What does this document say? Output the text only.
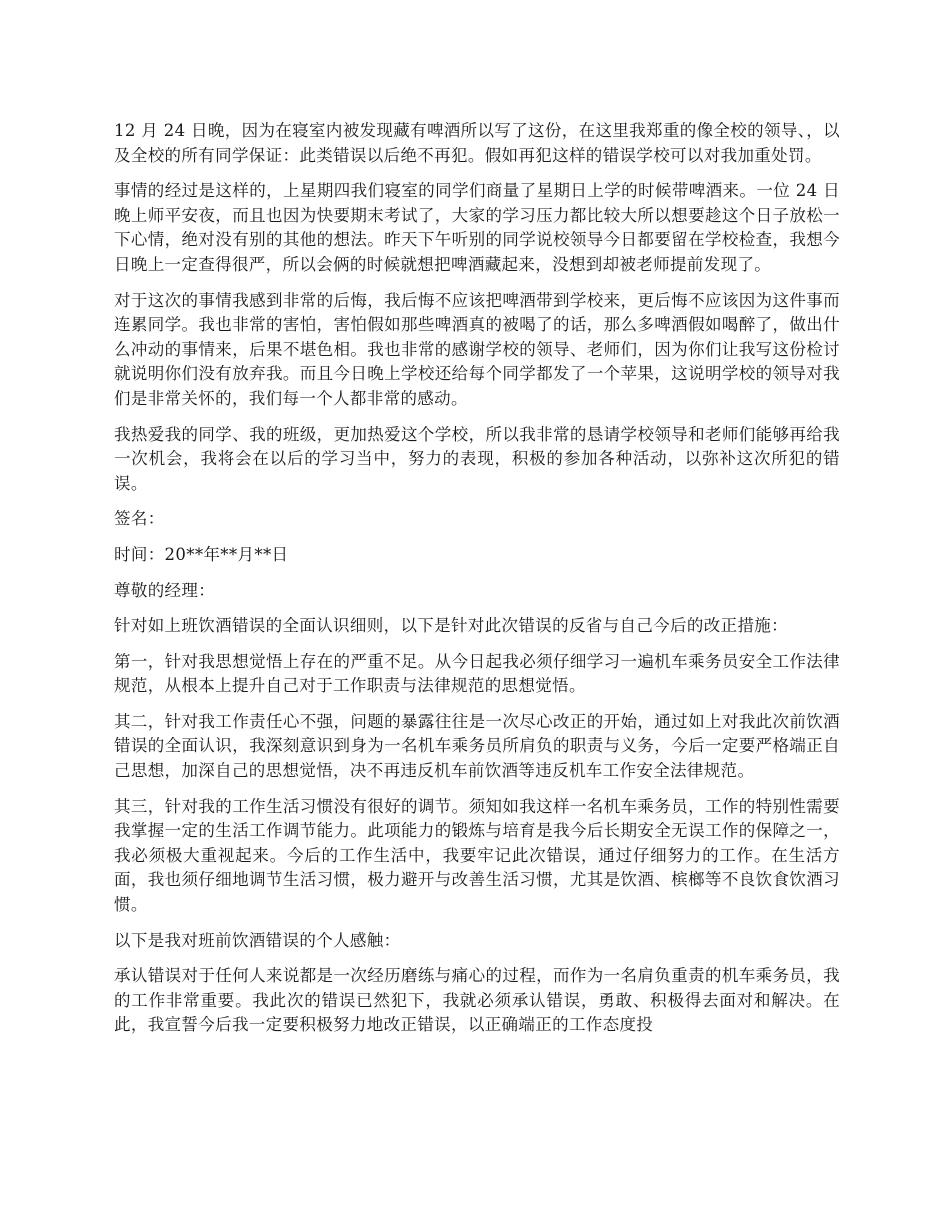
12 月 24 日晚，因为在寝室内被发现藏有啤酒所以写了这份，在这里我郑重的像全校的领导、，以及全校的所有同学保证：此类错误以后绝不再犯。假如再犯这样的错误学校可以对我加重处罚。

事情的经过是这样的，上星期四我们寝室的同学们商量了星期日上学的时候带啤酒来。一位 24 日晚上师平安夜，而且也因为快要期末考试了，大家的学习压力都比较大所以想要趁这个日子放松一下心情，绝对没有别的其他的想法。昨天下午听别的同学说校领导今日都要留在学校检查，我想今日晚上一定查得很严，所以会俩的时候就想把啤酒藏起来，没想到却被老师提前发现了。

对于这次的事情我感到非常的后悔，我后悔不应该把啤酒带到学校来，更后悔不应该因为这件事而连累同学。我也非常的害怕，害怕假如那些啤酒真的被喝了的话，那么多啤酒假如喝醉了，做出什么冲动的事情来，后果不堪色相。我也非常的感谢学校的领导、老师们，因为你们让我写这份检讨就说明你们没有放弃我。而且今日晚上学校还给每个同学都发了一个苹果，这说明学校的领导对我们是非常关怀的，我们每一个人都非常的感动。

我热爱我的同学、我的班级，更加热爱这个学校，所以我非常的恳请学校领导和老师们能够再给我一次机会，我将会在以后的学习当中，努力的表现，积极的参加各种活动，以弥补这次所犯的错误。

签名：

时间：20**年**月**日

尊敬的经理：

针对如上班饮酒错误的全面认识细则，以下是针对此次错误的反省与自己今后的改正措施：

第一，针对我思想觉悟上存在的严重不足。从今日起我必须仔细学习一遍机车乘务员安全工作法律规范，从根本上提升自己对于工作职责与法律规范的思想觉悟。

其二，针对我工作责任心不强，问题的暴露往往是一次尽心改正的开始，通过如上对我此次前饮酒错误的全面认识，我深刻意识到身为一名机车乘务员所肩负的职责与义务，今后一定要严格端正自己思想，加深自己的思想觉悟，决不再违反机车前饮酒等违反机车工作安全法律规范。

其三，针对我的工作生活习惯没有很好的调节。须知如我这样一名机车乘务员，工作的特别性需要我掌握一定的生活工作调节能力。此项能力的锻炼与培育是我今后长期安全无误工作的保障之一，我必须极大重视起来。今后的工作生活中，我要牢记此次错误，通过仔细努力的工作。在生活方面，我也须仔细地调节生活习惯，极力避开与改善生活习惯，尤其是饮酒、槟榔等不良饮食饮酒习惯。

以下是我对班前饮酒错误的个人感触：

承认错误对于任何人来说都是一次经历磨练与痛心的过程，而作为一名肩负重责的机车乘务员，我的工作非常重要。我此次的错误已然犯下，我就必须承认错误，勇敢、积极得去面对和解决。在此，我宣誓今后我一定要积极努力地改正错误，以正确端正的工作态度投
